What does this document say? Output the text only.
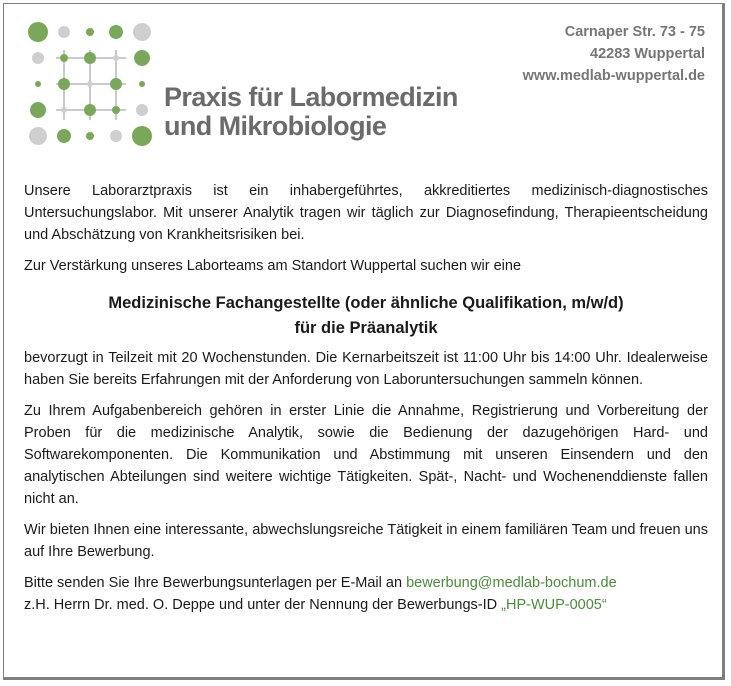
Praxis für Labormedizin
und Mikrobiologie
Carnaper Str. 73 - 75
42283 Wuppertal
www.medlab-wuppertal.de

Unsere Laborarztpraxis ist ein inhabergeführtes, akkreditiertes medizinisch-diagnostisches Untersuchungslabor. Mit unserer Analytik tragen wir täglich zur Diagnosefindung, Therapieentscheidung und Abschätzung von Krankheitsrisiken bei.

Zur Verstärkung unseres Laborteams am Standort Wuppertal suchen wir eine

Medizinische Fachangestellte (oder ähnliche Qualifikation, m/w/d)
für die Präanalytik

bevorzugt in Teilzeit mit 20 Wochenstunden. Die Kernarbeitszeit ist 11:00 Uhr bis 14:00 Uhr. Idealerweise haben Sie bereits Erfahrungen mit der Anforderung von Laboruntersuchungen sammeln können.

Zu Ihrem Aufgabenbereich gehören in erster Linie die Annahme, Registrierung und Vorbereitung der Proben für die medizinische Analytik, sowie die Bedienung der dazugehörigen Hard- und Softwarekomponenten. Die Kommunikation und Abstimmung mit unseren Einsendern und den analytischen Abteilungen sind weitere wichtige Tätigkeiten. Spät-, Nacht- und Wochenenddienste fallen nicht an.

Wir bieten Ihnen eine interessante, abwechslungsreiche Tätigkeit in einem familiären Team und freuen uns auf Ihre Bewerbung.

Bitte senden Sie Ihre Bewerbungsunterlagen per E-Mail an bewerbung@medlab-bochum.de
z.H. Herrn Dr. med. O. Deppe und unter der Nennung der Bewerbungs-ID „HP-WUP-0005“
